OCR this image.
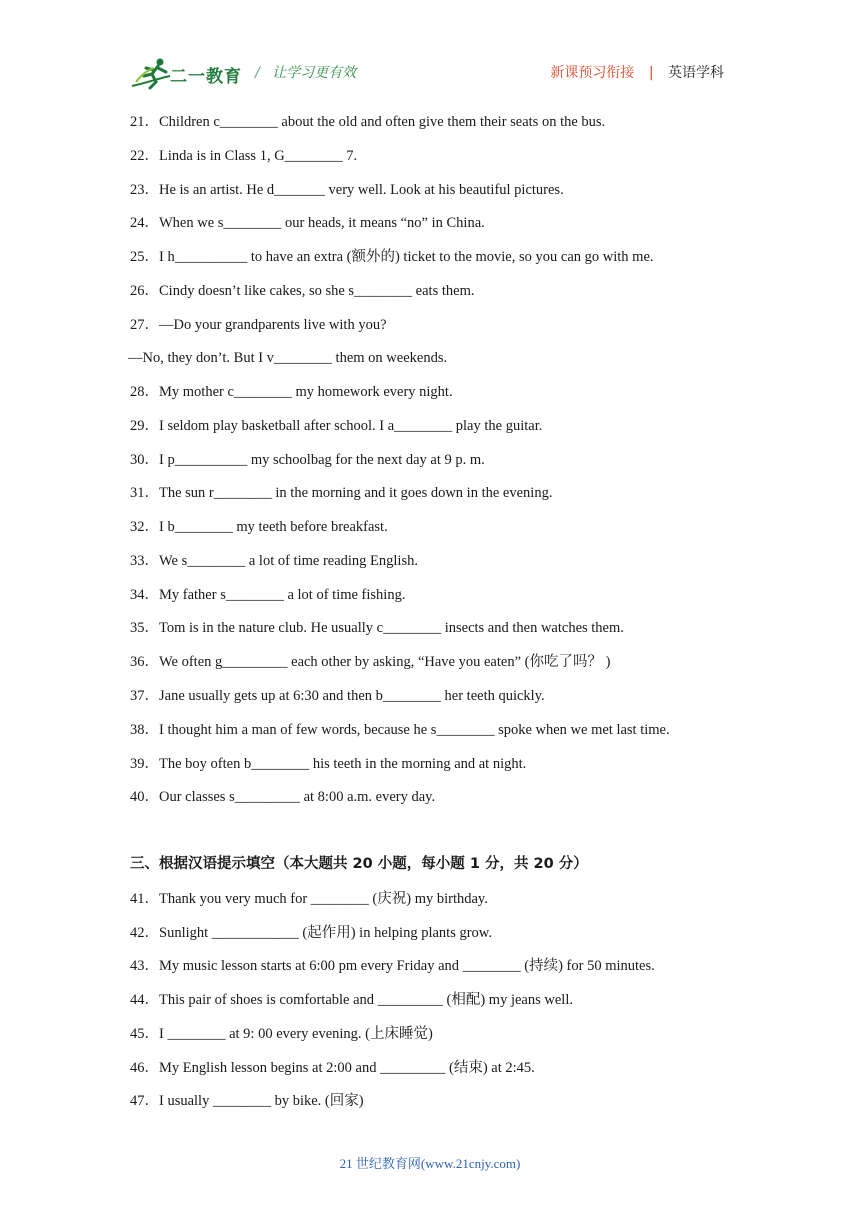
二一教育 / 让学习更有效	新课预习衔接 | 英语学科
21．Children c________ about the old and often give them their seats on the bus.
22．Linda is in Class 1, G________ 7.
23．He is an artist. He d_______ very well. Look at his beautiful pictures.
24．When we s________ our heads, it means “no” in China.
25．I h__________ to have an extra (额外的) ticket to the movie, so you can go with me.
26．Cindy doesn’t like cakes, so she s________ eats them.
27．—Do your grandparents live with you?
—No, they don’t. But I v________ them on weekends.
28．My mother c________ my homework every night.
29．I seldom play basketball after school. I a________ play the guitar.
30．I p__________ my schoolbag for the next day at 9 p. m.
31．The sun r________ in the morning and it goes down in the evening.
32．I b________ my teeth before breakfast.
33．We s________ a lot of time reading English.
34．My father s________ a lot of time fishing.
35．Tom is in the nature club. He usually c________ insects and then watches them.
36．We often g_________ each other by asking, “Have you eaten” (你吃了吗？ )
37．Jane usually gets up at 6:30 and then b________ her teeth quickly.
38．I thought him a man of few words, because he s________ spoke when we met last time.
39．The boy often b________ his teeth in the morning and at night.
40．Our classes s_________ at 8:00 a.m. every day.
三、根据汉语提示填空（本大题共 20 小题，每小题 1 分，共 20 分）
41．Thank you very much for ________ (庆祝) my birthday.
42．Sunlight ____________ (起作用) in helping plants grow.
43．My music lesson starts at 6:00 pm every Friday and ________ (持续) for 50 minutes.
44．This pair of shoes is comfortable and _________ (相配) my jeans well.
45．I ________ at 9: 00 every evening. (上床睡觉)
46．My English lesson begins at 2:00 and _________ (结束) at 2:45.
47．I usually ________ by bike. (回家)
21 世纪教育网(www.21cnjy.com)
